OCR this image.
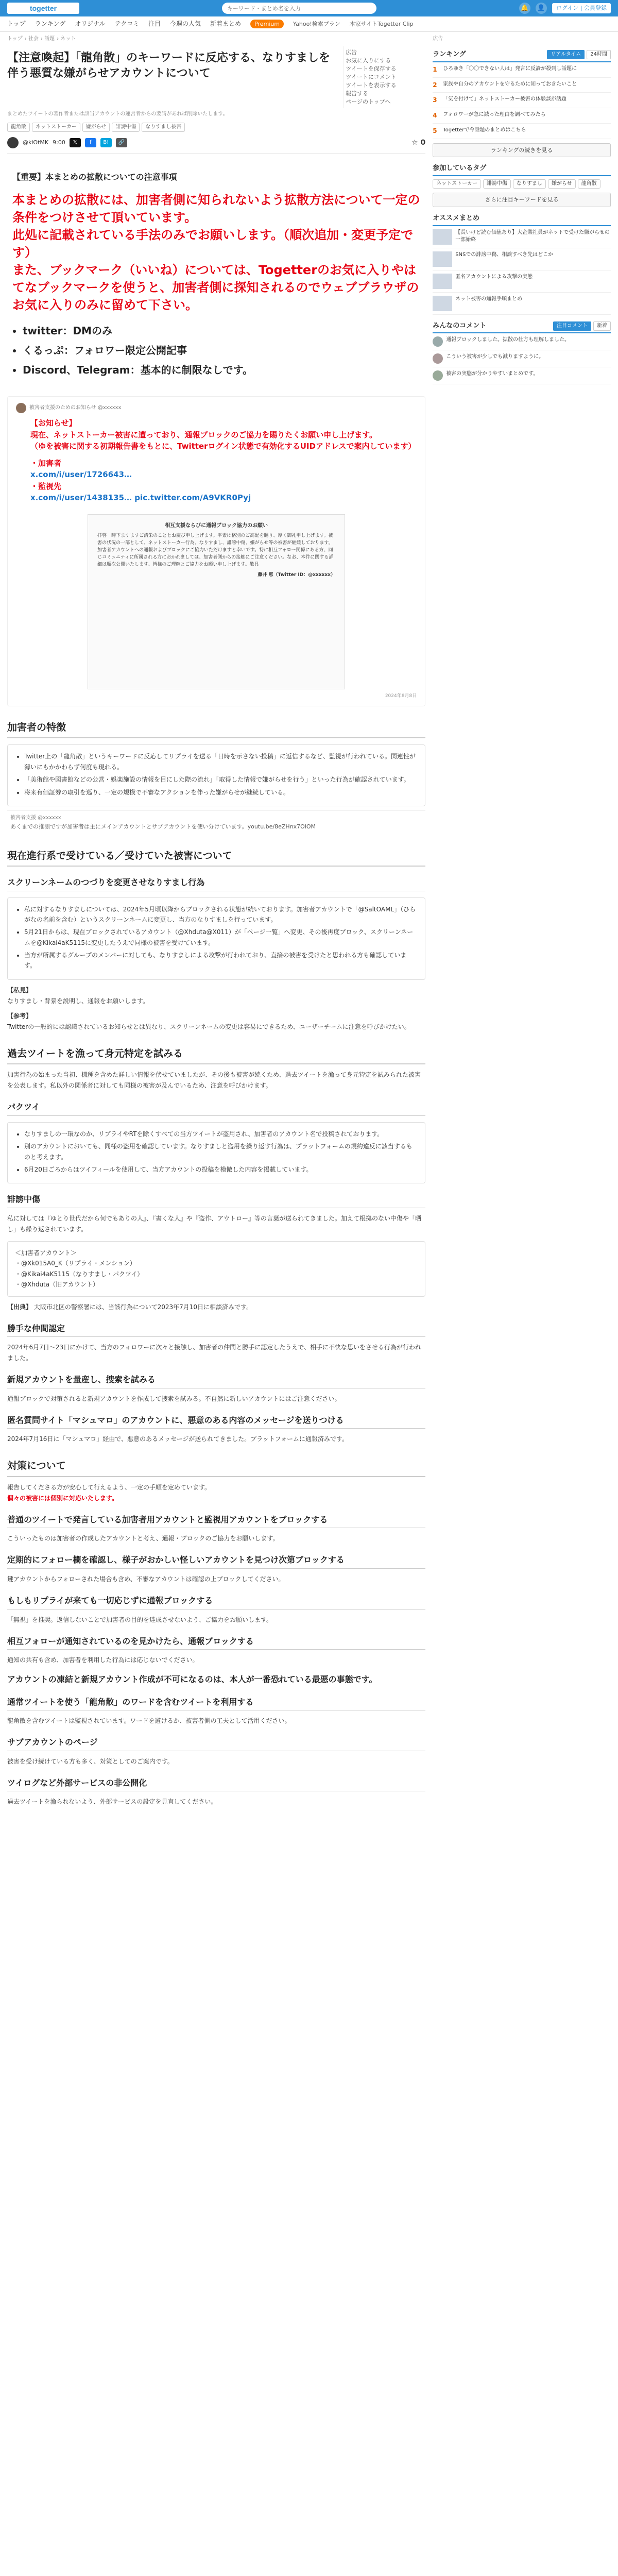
togetter
キーワード・まとめ名を入力	🔔 👤	ログイン | 会員登録
トップ ランキング オリジナル テクコミ 注目 今週の人気 新着まとめ	Premium	Yahoo!検索プラン 本家サイトTogetter Clip
トップ › 社会 › 話題 › ネット
【注意喚起】「龍角散」のキーワードに反応する、なりすましを伴う悪質な嫌がらせアカウントについて
広告
お気に入りにする
ツイートを保存する
ツイートにコメント
ツイートを表示する
報告する
ページのトップへ
まとめたツイートの著作者または該当アカウントの運営者からの要請があれば削除いたします。
龍角散	ネットストーカー	嫌がらせ	誹謗中傷	なりすまし被害
@kiOtMK 9:00	𝕏	f	B!	🔗	☆ 0
【重要】本まとめの拡散についての注意事項
本まとめの拡散には、加害者側に知られないよう拡散方法について一定の条件をつけさせて頂いています。
此処に記載されている手法のみでお願いします。（順次追加・変更予定です）
また、ブックマーク（いいね）については、Togetterのお気に入りやはてなブックマークを使うと、加害者側に探知されるのでウェブブラウザのお気に入りのみに留めて下さい。
• twitter：DMのみ
• くるっぷ：フォロワー限定公開記事
• Discord、Telegram：基本的に制限なしです。
被害者支援のためのお知らせ @xxxxxx
【お知らせ】
現在、ネットストーカー被害に遭っており、通報ブロックのご協力を賜りたくお願い申し上げます。
（ゆを被害に関する初期報告書をもとに、Twitterログイン状態で有効化するUIDアドレスで案内しています）
・加害者
x.com/i/user/1726643…
・監視先
x.com/i/user/1438135… pic.twitter.com/A9VKR0Pyj
相互支援ならびに通報ブロック協力のお願い
拝啓　時下ますますご清栄のこととお慶び申し上げます。平素は格別のご高配を賜り、厚く御礼申し上げます。被害の状況の一部として、ネットストーカー行為、なりすまし、誹謗中傷、嫌がらせ等の被害が継続しております。加害者アカウントへの通報およびブロックにご協力いただけますと幸いです。特に相互フォロー関係にある方、同じコミュニティに所属される方におかれましては、加害者側からの接触にご注意ください。なお、本件に関する詳細は順次公開いたします。皆様のご理解とご協力をお願い申し上げます。敬具
藤井 恵（Twitter ID：@xxxxxx）
2024年8月8日
加害者の特徴
• Twitter上の「龍角散」というキーワードに反応してリプライを送る「日時を示さない投稿」に返信するなど、監視が行われている。関連性が薄いにもかかわらず何度も現れる。
• 「美術館や図書館などの公営・娯楽施設の情報を目にした際の流れ」「取得した情報で嫌がらせを行う」といった行為が確認されています。
• 将来有価証券の取引を巡り、一定の規模で不審なアクションを伴った嫌がらせが継続している。
被害者支援 @xxxxxx
あくまでの推測ですが加害者は主にメインアカウントとサブアカウントを使い分けています。youtu.be/8eZHnx7OlOM
現在進行系で受けている／受けていた被害について
スクリーンネームのつづりを変更させなりすまし行為
• 私に対するなりすましについては、2024年5月頃以降からブロックされる状態が続いております。加害者アカウントで「@SaltOAML」（ひらがなの名前を含む）というスクリーンネームに変更し、当方のなりすましを行っています。
• 5月21日からは、現在ブロックされているアカウント（@Xhduta@X011）が「ページ一覧」へ変更、その後再度ブロック、スクリーンネームを@Kikai4aK5115に変更したうえで同様の被害を受けています。
• 当方が所属するグループのメンバーに対しても、なりすましによる攻撃が行われており、直接の被害を受けたと思われる方も確認しています。
【私見】
なりすまし・背景を説明し、通報をお願いします。
【参考】
Twitterの一般的には認識されているお知らせとは異なり、スクリーンネームの変更は容易にできるため、ユーザーチームに注意を呼びかけたい。
過去ツイートを漁って身元特定を試みる
加害行為の始まった当初、機種を含めた詳しい情報を伏せていましたが、その後も被害が続くため、過去ツイートを漁って身元特定を試みられた被害を公表します。私以外の関係者に対しても同様の被害が及んでいるため、注意を呼びかけます。
パクツイ
• なりすましの一環なのか、リプライやRTを除くすべての当方ツイートが盗用され、加害者のアカウント名で投稿されております。
• 別のアカウントにおいても、同様の盗用を確認しています。なりすましと盗用を繰り返す行為は、プラットフォームの規約違反に該当するものと考えます。
• 6月20日ごろからはツイフィールを使用して、当方アカウントの投稿を模倣した内容を掲載しています。
誹謗中傷
私に対しては『ゆとり世代だから何でもありの人』、『書くな人』や『盗作、アウトロー』等の言葉が送られてきました。加えて根拠のない中傷や「晒し」も繰り返されています。
＜加害者アカウント＞
・@Xk015A0_K（リプライ・メンション）
・@Kikai4aK5115（なりすまし・パクツイ）
・@Xhduta（旧アカウント）
【出典】 大阪市北区の警察署には、当該行為について2023年7月10日に相談済みです。
勝手な仲間認定
2024年6月7日〜23日にかけて、当方のフォロワーに次々と接触し、加害者の仲間と勝手に認定したうえで、相手に不快な思いをさせる行為が行われました。
新規アカウントを量産し、捜索を試みる
通報ブロックで対策されると新規アカウントを作成して捜索を試みる。不自然に新しいアカウントにはご注意ください。
匿名質問サイト「マシュマロ」のアカウントに、悪意のある内容のメッセージを送りつける
2024年7月16日に「マシュマロ」経由で、悪意のあるメッセージが送られてきました。プラットフォームに通報済みです。
対策について
報告してくださる方が安心して行えるよう、一定の手順を定めています。
個々の被害には個別に対応いたします。
普通のツイートで発言している加害者用アカウントと監視用アカウントをブロックする
こういったものは加害者の作成したアカウントと考え、通報・ブロックのご協力をお願いします。
定期的にフォロー欄を確認し、様子がおかしい怪しいアカウントを見つけ次第ブロックする
鍵アカウントからフォローされた場合も含め、不審なアカウントは確認の上ブロックしてください。
もしもリプライが来ても一切応じずに通報ブロックする
「無視」を推奨。返信しないことで加害者の目的を達成させないよう、ご協力をお願いします。
相互フォローが通知されているのを見かけたら、通報ブロックする
通知の共有も含め、加害者を利用した行為には応じないでください。
アカウントの凍結と新規アカウント作成が不可になるのは、本人が一番恐れている最悪の事態です。
通常ツイートを使う「龍角散」のワードを含むツイートを利用する
龍角散を含むツイートは監視されています。ワードを避けるか、被害者側の工夫として活用ください。
サブアカウントのページ
被害を受け続けている方も多く、対策としてのご案内です。
ツイログなど外部サービスの非公開化
過去ツイートを漁られないよう、外部サービスの設定を見直してください。
広告
ランキング	リアルタイム	24時間
1	ひろゆき「〇〇できない人は」発言に反論が殺到し話題に
2	家族や自分のアカウントを守るために知っておきたいこと
3	「気を付けて」ネットストーカー被害の体験談が話題
4	フォロワーが急に減った理由を調べてみたら
5	Togetterで今話題のまとめはこちら
ランキングの続きを見る
参加しているタグ
ネットストーカー	誹謗中傷	なりすまし	嫌がらせ	龍角散
さらに注目キーワードを見る
オススメまとめ
【長いけど読む価値あり】大企業社員がネットで受けた嫌がらせの一部始終
SNSでの誹謗中傷、相談すべき先はどこか
匿名アカウントによる攻撃の実態
ネット被害の通報手順まとめ
みんなのコメント	注目コメント	新着
通報ブロックしました。拡散の仕方も理解しました。
こういう被害が少しでも減りますように。
被害の実態が分かりやすいまとめです。
